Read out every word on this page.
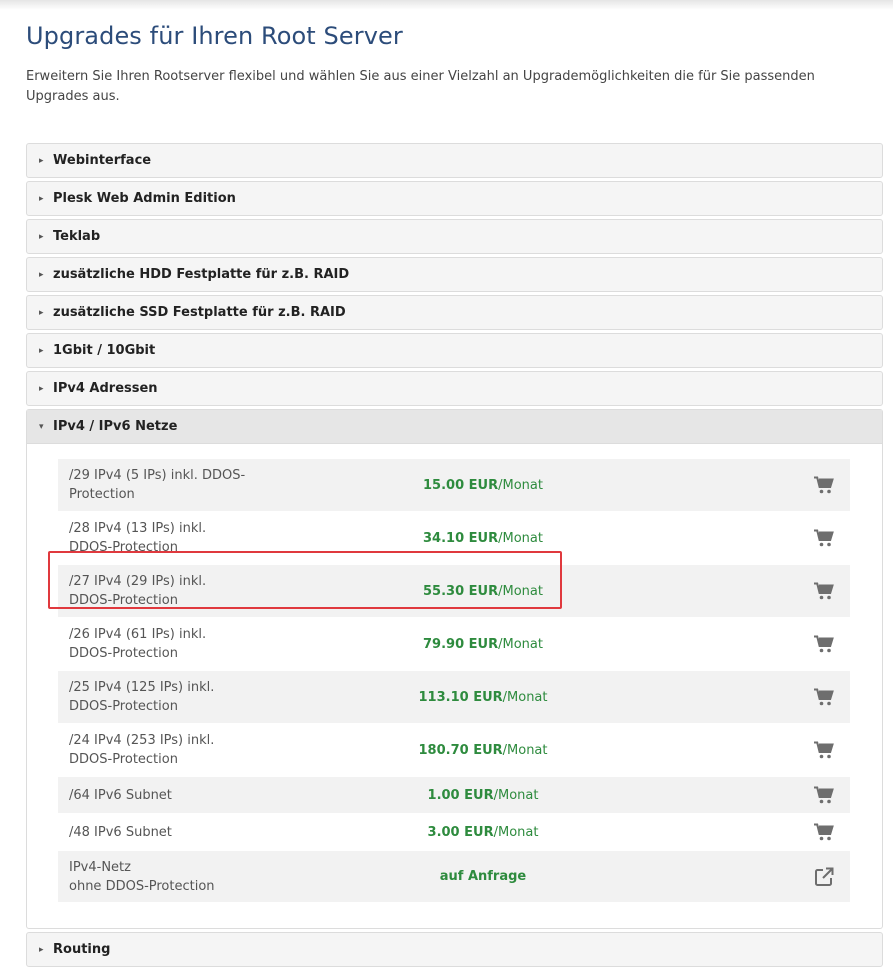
Upgrades für Ihren Root Server

Erweitern Sie Ihren Rootserver flexibel und wählen Sie aus einer Vielzahl an Upgrademöglichkeiten die für Sie passenden Upgrades aus.

▸ Webinterface
▸ Plesk Web Admin Edition
▸ Teklab
▸ zusätzliche HDD Festplatte für z.B. RAID
▸ zusätzliche SSD Festplatte für z.B. RAID
▸ 1Gbit / 10Gbit
▸ IPv4 Adressen
▾ IPv4 / IPv6 Netze
/29 IPv4 (5 IPs) inkl. DDOS-
Protection
15.00 EUR/Monat
/28 IPv4 (13 IPs) inkl.
DDOS-Protection
34.10 EUR/Monat
/27 IPv4 (29 IPs) inkl.
DDOS-Protection
55.30 EUR/Monat
/26 IPv4 (61 IPs) inkl.
DDOS-Protection
79.90 EUR/Monat
/25 IPv4 (125 IPs) inkl.
DDOS-Protection
113.10 EUR/Monat
/24 IPv4 (253 IPs) inkl.
DDOS-Protection
180.70 EUR/Monat
/64 IPv6 Subnet	1.00 EUR/Monat
/48 IPv6 Subnet	3.00 EUR/Monat
IPv4-Netz
ohne DDOS-Protection
auf Anfrage
▸ Routing
